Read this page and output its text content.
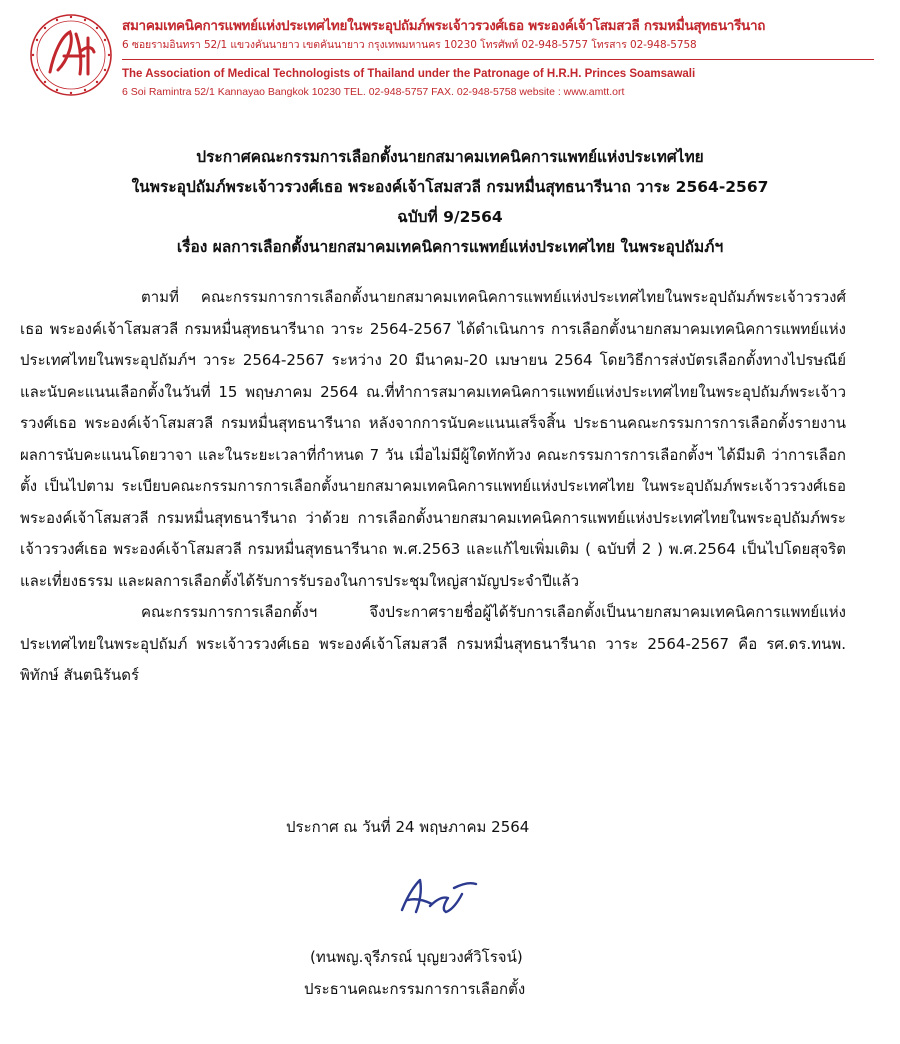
สมาคมเทคนิคการแพทย์แห่งประเทศไทยในพระอุปถัมภ์พระเจ้าวรวงศ์เธอ พระองค์เจ้าโสมสวลี กรมหมื่นสุทธนารีนาถ
6 ซอยรามอินทรา 52/1 แขวงคันนายาว เขตคันนายาว กรุงเทพมหานคร 10230 โทรศัพท์ 02-948-5757 โทรสาร 02-948-5758
The Association of Medical Technologists of Thailand under the Patronage of H.R.H. Princes Soamsawali
6 Soi Ramintra 52/1 Kannayao Bangkok 10230 TEL. 02-948-5757 FAX. 02-948-5758 website : www.amtt.ort
ประกาศคณะกรรมการเลือกตั้งนายกสมาคมเทคนิคการแพทย์แห่งประเทศไทย
ในพระอุปถัมภ์พระเจ้าวรวงศ์เธอ พระองค์เจ้าโสมสวลี กรมหมื่นสุทธนารีนาถ วาระ 2564-2567
ฉบับที่ 9/2564
เรื่อง ผลการเลือกตั้งนายกสมาคมเทคนิคการแพทย์แห่งประเทศไทย ในพระอุปถัมภ์ฯ

ตามที่ คณะกรรมการการเลือกตั้งนายกสมาคมเทคนิคการแพทย์แห่งประเทศไทยในพระอุปถัมภ์พระเจ้าวรวงศ์เธอ พระองค์เจ้าโสมสวลี กรมหมื่นสุทธนารีนาถ วาระ 2564-2567 ได้ดำเนินการ การเลือกตั้งนายกสมาคมเทคนิคการแพทย์แห่งประเทศไทยในพระอุปถัมภ์ฯ วาระ 2564-2567 ระหว่าง 20 มีนาคม-20 เมษายน 2564 โดยวิธีการส่งบัตรเลือกตั้งทางไปรษณีย์ และนับคะแนนเลือกตั้งในวันที่ 15 พฤษภาคม 2564 ณ.ที่ทำการสมาคมเทคนิคการแพทย์แห่งประเทศไทยในพระอุปถัมภ์พระเจ้าวรวงศ์เธอ พระองค์เจ้าโสมสวลี กรมหมื่นสุทธนารีนาถ หลังจากการนับคะแนนเสร็จสิ้น ประธานคณะกรรมการการเลือกตั้งรายงานผลการนับคะแนนโดยวาจา และในระยะเวลาที่กำหนด 7 วัน เมื่อไม่มีผู้ใดทักท้วง คณะกรรมการการเลือกตั้งฯ ได้มีมติ ว่าการเลือกตั้ง เป็นไปตาม ระเบียบคณะกรรมการการเลือกตั้งนายกสมาคมเทคนิคการแพทย์แห่งประเทศไทย ในพระอุปถัมภ์พระเจ้าวรวงศ์เธอ พระองค์เจ้าโสมสวลี กรมหมื่นสุทธนารีนาถ ว่าด้วย การเลือกตั้งนายกสมาคมเทคนิคการแพทย์แห่งประเทศไทยในพระอุปถัมภ์พระเจ้าวรวงศ์เธอ พระองค์เจ้าโสมสวลี กรมหมื่นสุทธนารีนาถ พ.ศ.2563 และแก้ไขเพิ่มเติม ( ฉบับที่ 2 ) พ.ศ.2564 เป็นไปโดยสุจริตและเที่ยงธรรม และผลการเลือกตั้งได้รับการรับรองในการประชุมใหญ่สามัญประจำปีแล้ว

คณะกรรมการการเลือกตั้งฯ จึงประกาศรายชื่อผู้ได้รับการเลือกตั้งเป็นนายกสมาคมเทคนิคการแพทย์แห่งประเทศไทยในพระอุปถัมภ์ พระเจ้าวรวงศ์เธอ พระองค์เจ้าโสมสวลี กรมหมื่นสุทธนารีนาถ วาระ 2564-2567 คือ รศ.ดร.ทนพ. พิทักษ์ สันตนิรันดร์

ประกาศ ณ วันที่ 24 พฤษภาคม 2564
(ทนพญ.จุรีภรณ์ บุญยวงศ์วิโรจน์)
ประธานคณะกรรมการการเลือกตั้ง
